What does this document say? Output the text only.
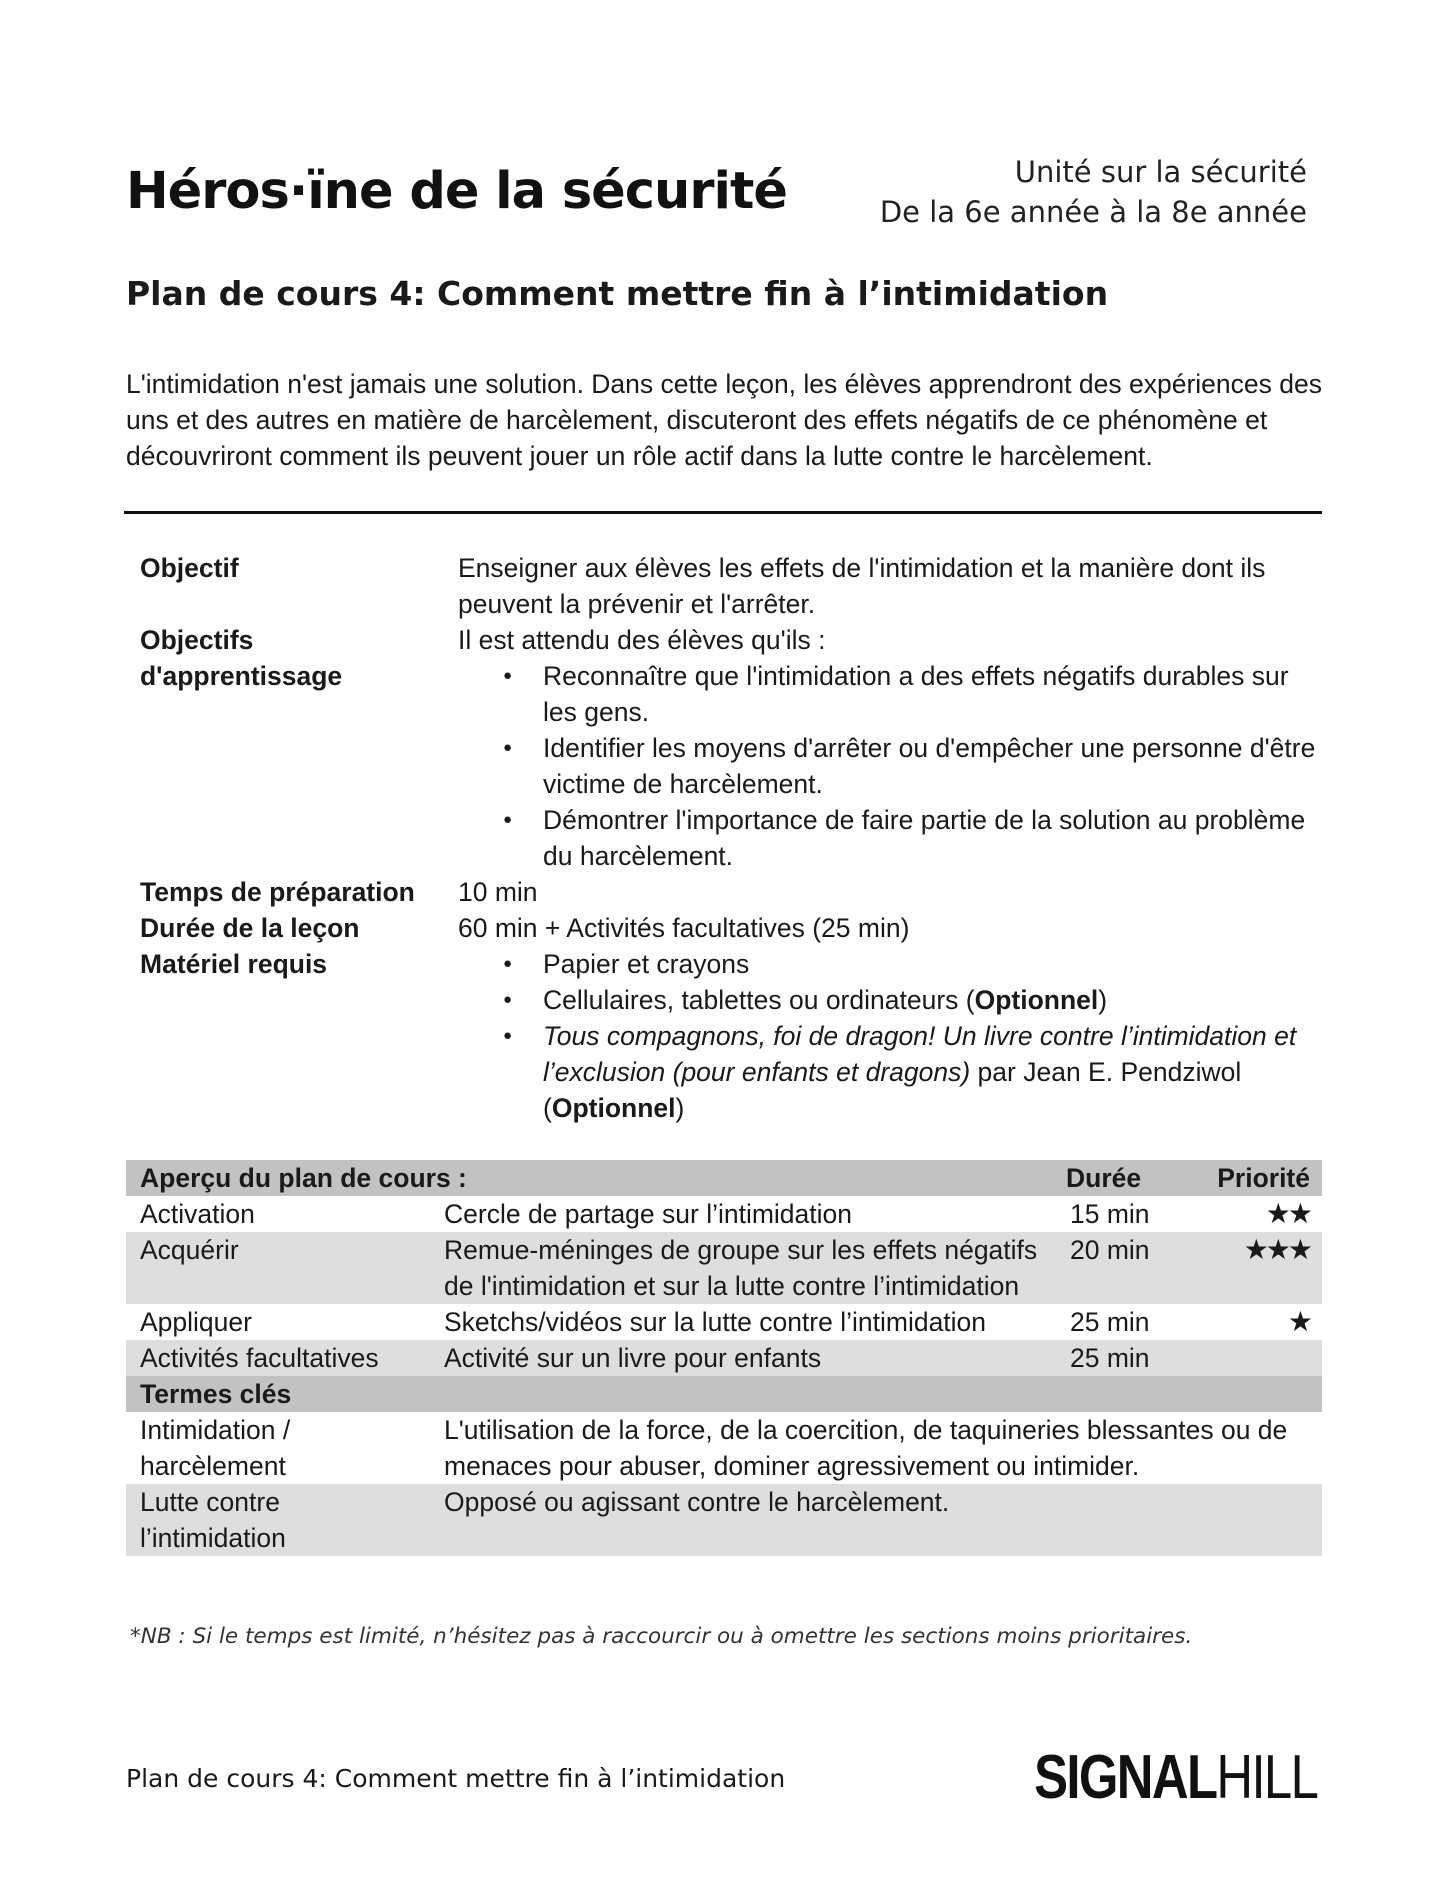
Héros·ïne de la sécurité	Unité sur la sécurité
De la 6e année à la 8e année
Plan de cours 4: Comment mettre fin à l’intimidation
L'intimidation n'est jamais une solution. Dans cette leçon, les élèves apprendront des expériences des uns et des autres en matière de harcèlement, discuteront des effets négatifs de ce phénomène et découvriront comment ils peuvent jouer un rôle actif dans la lutte contre le harcèlement.
Objectif	Enseigner aux élèves les effets de l'intimidation et la manière dont ils peuvent la prévenir et l'arrêter.
Objectifs
d'apprentissage
Il est attendu des élèves qu'ils :
● Reconnaître que l'intimidation a des effets négatifs durables sur les gens.
● Identifier les moyens d'arrêter ou d'empêcher une personne d'être victime de harcèlement.
● Démontrer l'importance de faire partie de la solution au problème du harcèlement.
Temps de préparation	10 min
Durée de la leçon	60 min + Activités facultatives (25 min)
Matériel requis
●	Papier et crayons
● Cellulaires, tablettes ou ordinateurs (Optionnel)
● Tous compagnons, foi de dragon! Un livre contre l’intimidation et l’exclusion (pour enfants et dragons) par Jean E. Pendziwol (Optionnel)
Aperçu du plan de cours :	Durée	Priorité
Activation	Cercle de partage sur l’intimidation	15 min	★★
Acquérir	Remue-méninges de groupe sur les effets négatifs de l'intimidation et sur la lutte contre l’intimidation
20 min	★★★
Appliquer	Sketchs/vidéos sur la lutte contre l’intimidation	25 min	★
Activités facultatives	Activité sur un livre pour enfants	25 min
Termes clés
Intimidation / harcèlement
L'utilisation de la force, de la coercition, de taquineries blessantes ou de menaces pour abuser, dominer agressivement ou intimider.
Lutte contre l’intimidation
Opposé ou agissant contre le harcèlement.
*NB : Si le temps est limité, n’hésitez pas à raccourcir ou à omettre les sections moins prioritaires.
Plan de cours 4: Comment mettre fin à l’intimidation	SIGNALHILL
